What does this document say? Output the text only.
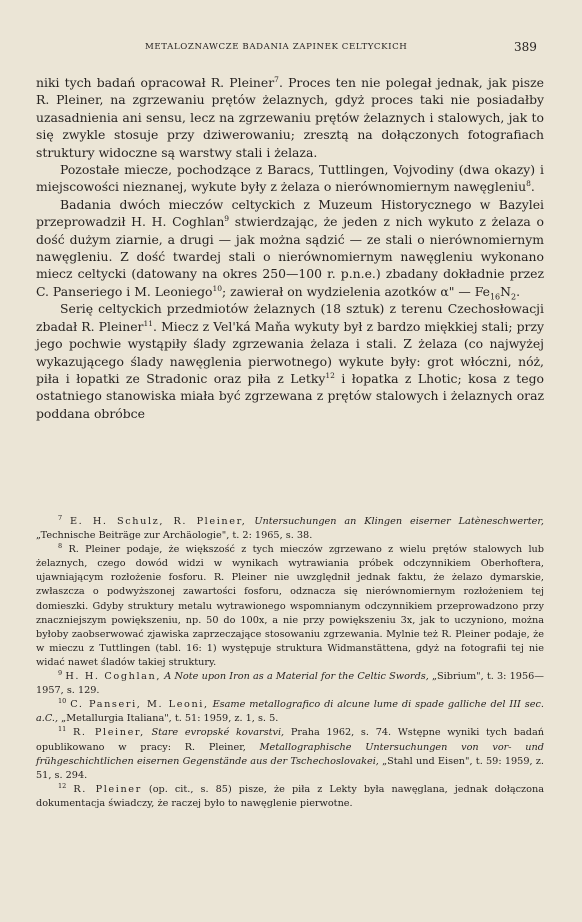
METALOZNAWCZE BADANIA ZAPINEK CELTYCKICH	389

niki tych badań opracował R. Pleiner$^7$. Proces ten nie polegał jednak, jak pisze R. Pleiner, na zgrzewaniu prętów żelaznych, gdyż proces taki nie posiadałby uzasadnienia ani sensu, lecz na zgrzewaniu prętów żelaznych i stalowych, jak to się zwykle stosuje przy dziwerowaniu; zresztą na dołączonych fotografiach struktury widoczne są warstwy stali i żelaza.

Pozostałe miecze, pochodzące z Baracs, Tuttlingen, Vojvodiny (dwa okazy) i miejscowości nieznanej, wykute były z żelaza o nierównomiernym nawęgleniu$^8$.

Badania dwóch mieczów celtyckich z Muzeum Historycznego w Bazylei przeprowadził H. H. Coghlan$^9$ stwierdzając, że jeden z nich wykuto z żelaza o dość dużym ziarnie, a drugi — jak można sądzić — ze stali o nierównomiernym nawęgleniu. Z dość twardej stali o nierównomiernym nawęgleniu wykonano miecz celtycki (datowany na okres 250—100 r. p.n.e.) zbadany dokładnie przez C. Panseriego i M. Leoniego$^{10}$; zawierał on wydzielenia azotków α" — $Fe_{16}N_2$.

Serię celtyckich przedmiotów żelaznych (18 sztuk) z terenu Czechosłowacji zbadał R. Pleiner$^{11}$. Miecz z Vel'ká Maňa wykuty był z bardzo miękkiej stali; przy jego pochwie wystąpiły ślady zgrzewania żelaza i stali. Z żelaza (co najwyżej wykazującego ślady nawęglenia pierwotnego) wykute były: grot włóczni, nóż, piła i łopatki ze Stradonic oraz piła z Letky$^{12}$ i łopatka z Lhotic; kosa z tego ostatniego stanowiska miała być zgrzewana z prętów stalowych i żelaznych oraz poddana obróbce

$^7$ E. H. Schulz, R. Pleiner, Untersuchungen an Klingen eiserner Latèneschwerter, „Technische Beiträge zur Archäologie", t. 2: 1965, s. 38.

$^8$ R. Pleiner podaje, że większość z tych mieczów zgrzewano z wielu prętów stalowych lub żelaznych, czego dowód widzi w wynikach wytrawiania próbek odczynnikiem Oberhoftera, ujawniającym rozłożenie fosforu. R. Pleiner nie uwzględnił jednak faktu, że żelazo dymarskie, zwłaszcza o podwyższonej zawartości fosforu, odznacza się nierównomiernym rozłożeniem tej domieszki. Gdyby struktury metalu wytrawionego wspomnianym odczynnikiem przeprowadzono przy znaczniejszym powiększeniu, np. 50 do 100x, a nie przy powiększeniu 3x, jak to uczyniono, można byłoby zaobserwować zjawiska zaprzeczające stosowaniu zgrzewania. Mylnie też R. Pleiner podaje, że w mieczu z Tuttlingen (tabl. 16: 1) występuje struktura Widmanstättena, gdyż na fotografii tej nie widać nawet śladów takiej struktury.

$^9$ H. H. Coghlan, A Note upon Iron as a Material for the Celtic Swords, „Sibrium", t. 3: 1956—1957, s. 129.

$^{10}$ C. Panseri, M. Leoni, Esame metallografico di alcune lume di spade galliche del III sec. a.C., „Metallurgia Italiana", t. 51: 1959, z. 1, s. 5.

$^{11}$ R. Pleiner, Stare evropské kovarstvi, Praha 1962, s. 74. Wstępne wyniki tych badań opublikowano w pracy: R. Pleiner, Metallographische Untersuchungen von vor- und frühgeschichtlichen eisernen Gegenstände aus der Tschechoslovakei, „Stahl und Eisen", t. 59: 1959, z. 51, s. 294.

$^{12}$ R. Pleiner (op. cit., s. 85) pisze, że piła z Lekty była nawęglana, jednak dołączona dokumentacja świadczy, że raczej było to nawęglenie pierwotne.
